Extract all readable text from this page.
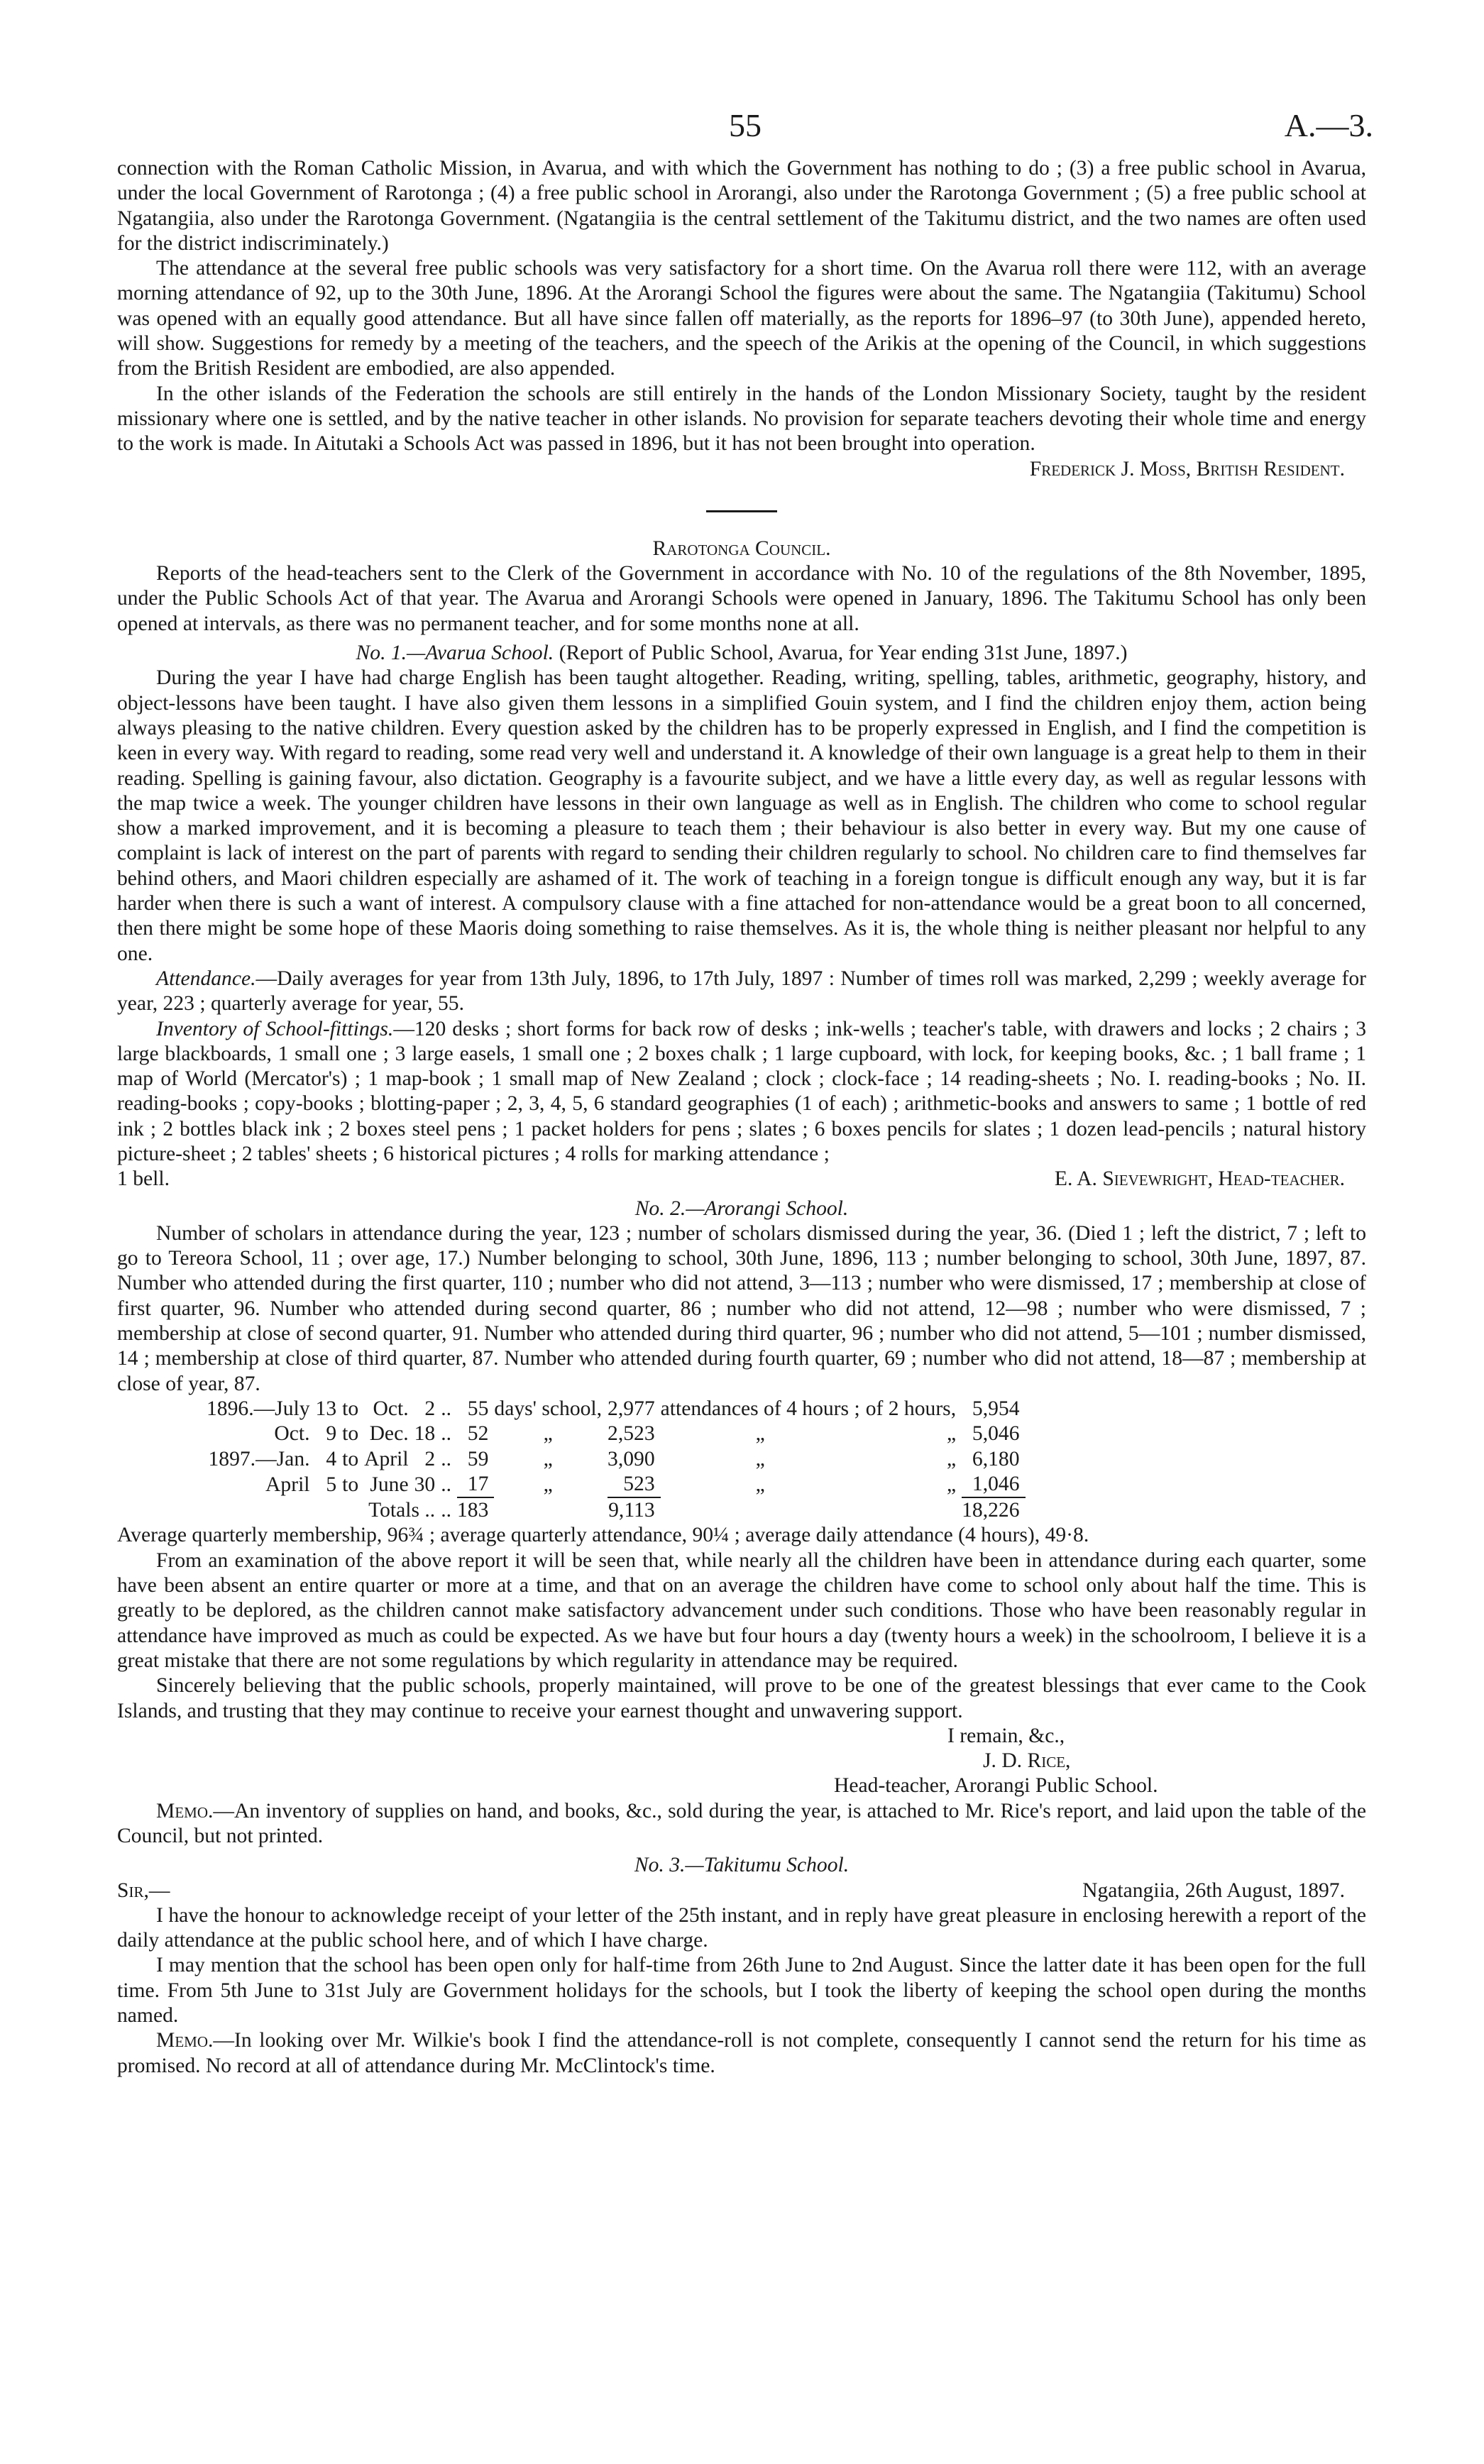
55	A.—3.

connection with the Roman Catholic Mission, in Avarua, and with which the Government has nothing to do ; (3) a free public school in Avarua, under the local Government of Rarotonga ; (4) a free public school in Arorangi, also under the Rarotonga Government ; (5) a free public school at Ngatangiia, also under the Rarotonga Government. (Ngatangiia is the central settlement of the Takitumu district, and the two names are often used for the district indiscriminately.)

The attendance at the several free public schools was very satisfactory for a short time. On the Avarua roll there were 112, with an average morning attendance of 92, up to the 30th June, 1896. At the Arorangi School the figures were about the same. The Ngatangiia (Takitumu) School was opened with an equally good attendance. But all have since fallen off materially, as the reports for 1896–97 (to 30th June), appended hereto, will show. Suggestions for remedy by a meeting of the teachers, and the speech of the Arikis at the opening of the Council, in which suggestions from the British Resident are embodied, are also appended.

In the other islands of the Federation the schools are still entirely in the hands of the London Missionary Society, taught by the resident missionary where one is settled, and by the native teacher in other islands. No provision for separate teachers devoting their whole time and energy to the work is made. In Aitutaki a Schools Act was passed in 1896, but it has not been brought into operation.

Frederick J. Moss, British Resident.

Rarotonga Council.

Reports of the head-teachers sent to the Clerk of the Government in accordance with No. 10 of the regulations of the 8th November, 1895, under the Public Schools Act of that year. The Avarua and Arorangi Schools were opened in January, 1896. The Takitumu School has only been opened at intervals, as there was no permanent teacher, and for some months none at all.

No. 1.—Avarua School. (Report of Public School, Avarua, for Year ending 31st June, 1897.)

During the year I have had charge English has been taught altogether. Reading, writing, spelling, tables, arithmetic, geography, history, and object-lessons have been taught. I have also given them lessons in a simplified Gouin system, and I find the children enjoy them, action being always pleasing to the native children. Every question asked by the children has to be properly expressed in English, and I find the competition is keen in every way. With regard to reading, some read very well and understand it. A knowledge of their own language is a great help to them in their reading. Spelling is gaining favour, also dictation. Geography is a favourite subject, and we have a little every day, as well as regular lessons with the map twice a week. The younger children have lessons in their own language as well as in English. The children who come to school regular show a marked improvement, and it is becoming a pleasure to teach them ; their behaviour is also better in every way. But my one cause of complaint is lack of interest on the part of parents with regard to sending their children regularly to school. No children care to find themselves far behind others, and Maori children especially are ashamed of it. The work of teaching in a foreign tongue is difficult enough any way, but it is far harder when there is such a want of interest. A compulsory clause with a fine attached for non-attendance would be a great boon to all concerned, then there might be some hope of these Maoris doing something to raise themselves. As it is, the whole thing is neither pleasant nor helpful to any one.

Attendance.—Daily averages for year from 13th July, 1896, to 17th July, 1897 : Number of times roll was marked, 2,299 ; weekly average for year, 223 ; quarterly average for year, 55.

Inventory of School-fittings.—120 desks ; short forms for back row of desks ; ink-wells ; teacher's table, with drawers and locks ; 2 chairs ; 3 large blackboards, 1 small one ; 3 large easels, 1 small one ; 2 boxes chalk ; 1 large cupboard, with lock, for keeping books, &c. ; 1 ball frame ; 1 map of World (Mercator's) ; 1 map-book ; 1 small map of New Zealand ; clock ; clock-face ; 14 reading-sheets ; No. I. reading-books ; No. II. reading-books ; copy-books ; blotting-paper ; 2, 3, 4, 5, 6 standard geographies (1 of each) ; arithmetic-books and answers to same ; 1 bottle of red ink ; 2 bottles black ink ; 2 boxes steel pens ; 1 packet holders for pens ; slates ; 6 boxes pencils for slates ; 1 dozen lead-pencils ; natural history picture-sheet ; 2 tables' sheets ; 6 historical pictures ; 4 rolls for marking attendance ;

1 bell.	E. A. Sievewright, Head-teacher.

No. 2.—Arorangi School.

Number of scholars in attendance during the year, 123 ; number of scholars dismissed during the year, 36. (Died 1 ; left the district, 7 ; left to go to Tereora School, 11 ; over age, 17.) Number belonging to school, 30th June, 1896, 113 ; number belonging to school, 30th June, 1897, 87. Number who attended during the first quarter, 110 ; number who did not attend, 3—113 ; number who were dismissed, 17 ; membership at close of first quarter, 96. Number who attended during second quarter, 86 ; number who did not attend, 12—98 ; number who were dismissed, 7 ; membership at close of second quarter, 91. Number who attended during third quarter, 96 ; number who did not attend, 5—101 ; number dismissed, 14 ; membership at close of third quarter, 87. Number who attended during fourth quarter, 69 ; number who did not attend, 18—87 ; membership at close of year, 87.

1896.—July	13	to	Oct.	2	..	55	days' school,	2,977	attendances of 4 hours ;	of 2 hours,	5,954
Oct.	9	to	Dec.	18	..	52	„	2,523	„	„	5,046
1897.—Jan.	4	to	April	2	..	59	„	3,090	„	„	6,180
April	5	to	June	30	..	17	„	523	„	„	1,046
			Totals ..		..	183		9,113			18,226

Average quarterly membership, 96¾ ; average quarterly attendance, 90¼ ; average daily attendance (4 hours), 49·8.

From an examination of the above report it will be seen that, while nearly all the children have been in attendance during each quarter, some have been absent an entire quarter or more at a time, and that on an average the children have come to school only about half the time. This is greatly to be deplored, as the children cannot make satisfactory advancement under such conditions. Those who have been reasonably regular in attendance have improved as much as could be expected. As we have but four hours a day (twenty hours a week) in the schoolroom, I believe it is a great mistake that there are not some regulations by which regularity in attendance may be required.

Sincerely believing that the public schools, properly maintained, will prove to be one of the greatest blessings that ever came to the Cook Islands, and trusting that they may continue to receive your earnest thought and unwavering support.

I remain, &c.,

J. D. Rice,

Head-teacher, Arorangi Public School.

Memo.—An inventory of supplies on hand, and books, &c., sold during the year, is attached to Mr. Rice's report, and laid upon the table of the Council, but not printed.

No. 3.—Takitumu School.

Sir,—	Ngatangiia, 26th August, 1897.

I have the honour to acknowledge receipt of your letter of the 25th instant, and in reply have great pleasure in enclosing herewith a report of the daily attendance at the public school here, and of which I have charge.

I may mention that the school has been open only for half-time from 26th June to 2nd August. Since the latter date it has been open for the full time. From 5th June to 31st July are Government holidays for the schools, but I took the liberty of keeping the school open during the months named.

Memo.—In looking over Mr. Wilkie's book I find the attendance-roll is not complete, consequently I cannot send the return for his time as promised. No record at all of attendance during Mr. McClintock's time.
